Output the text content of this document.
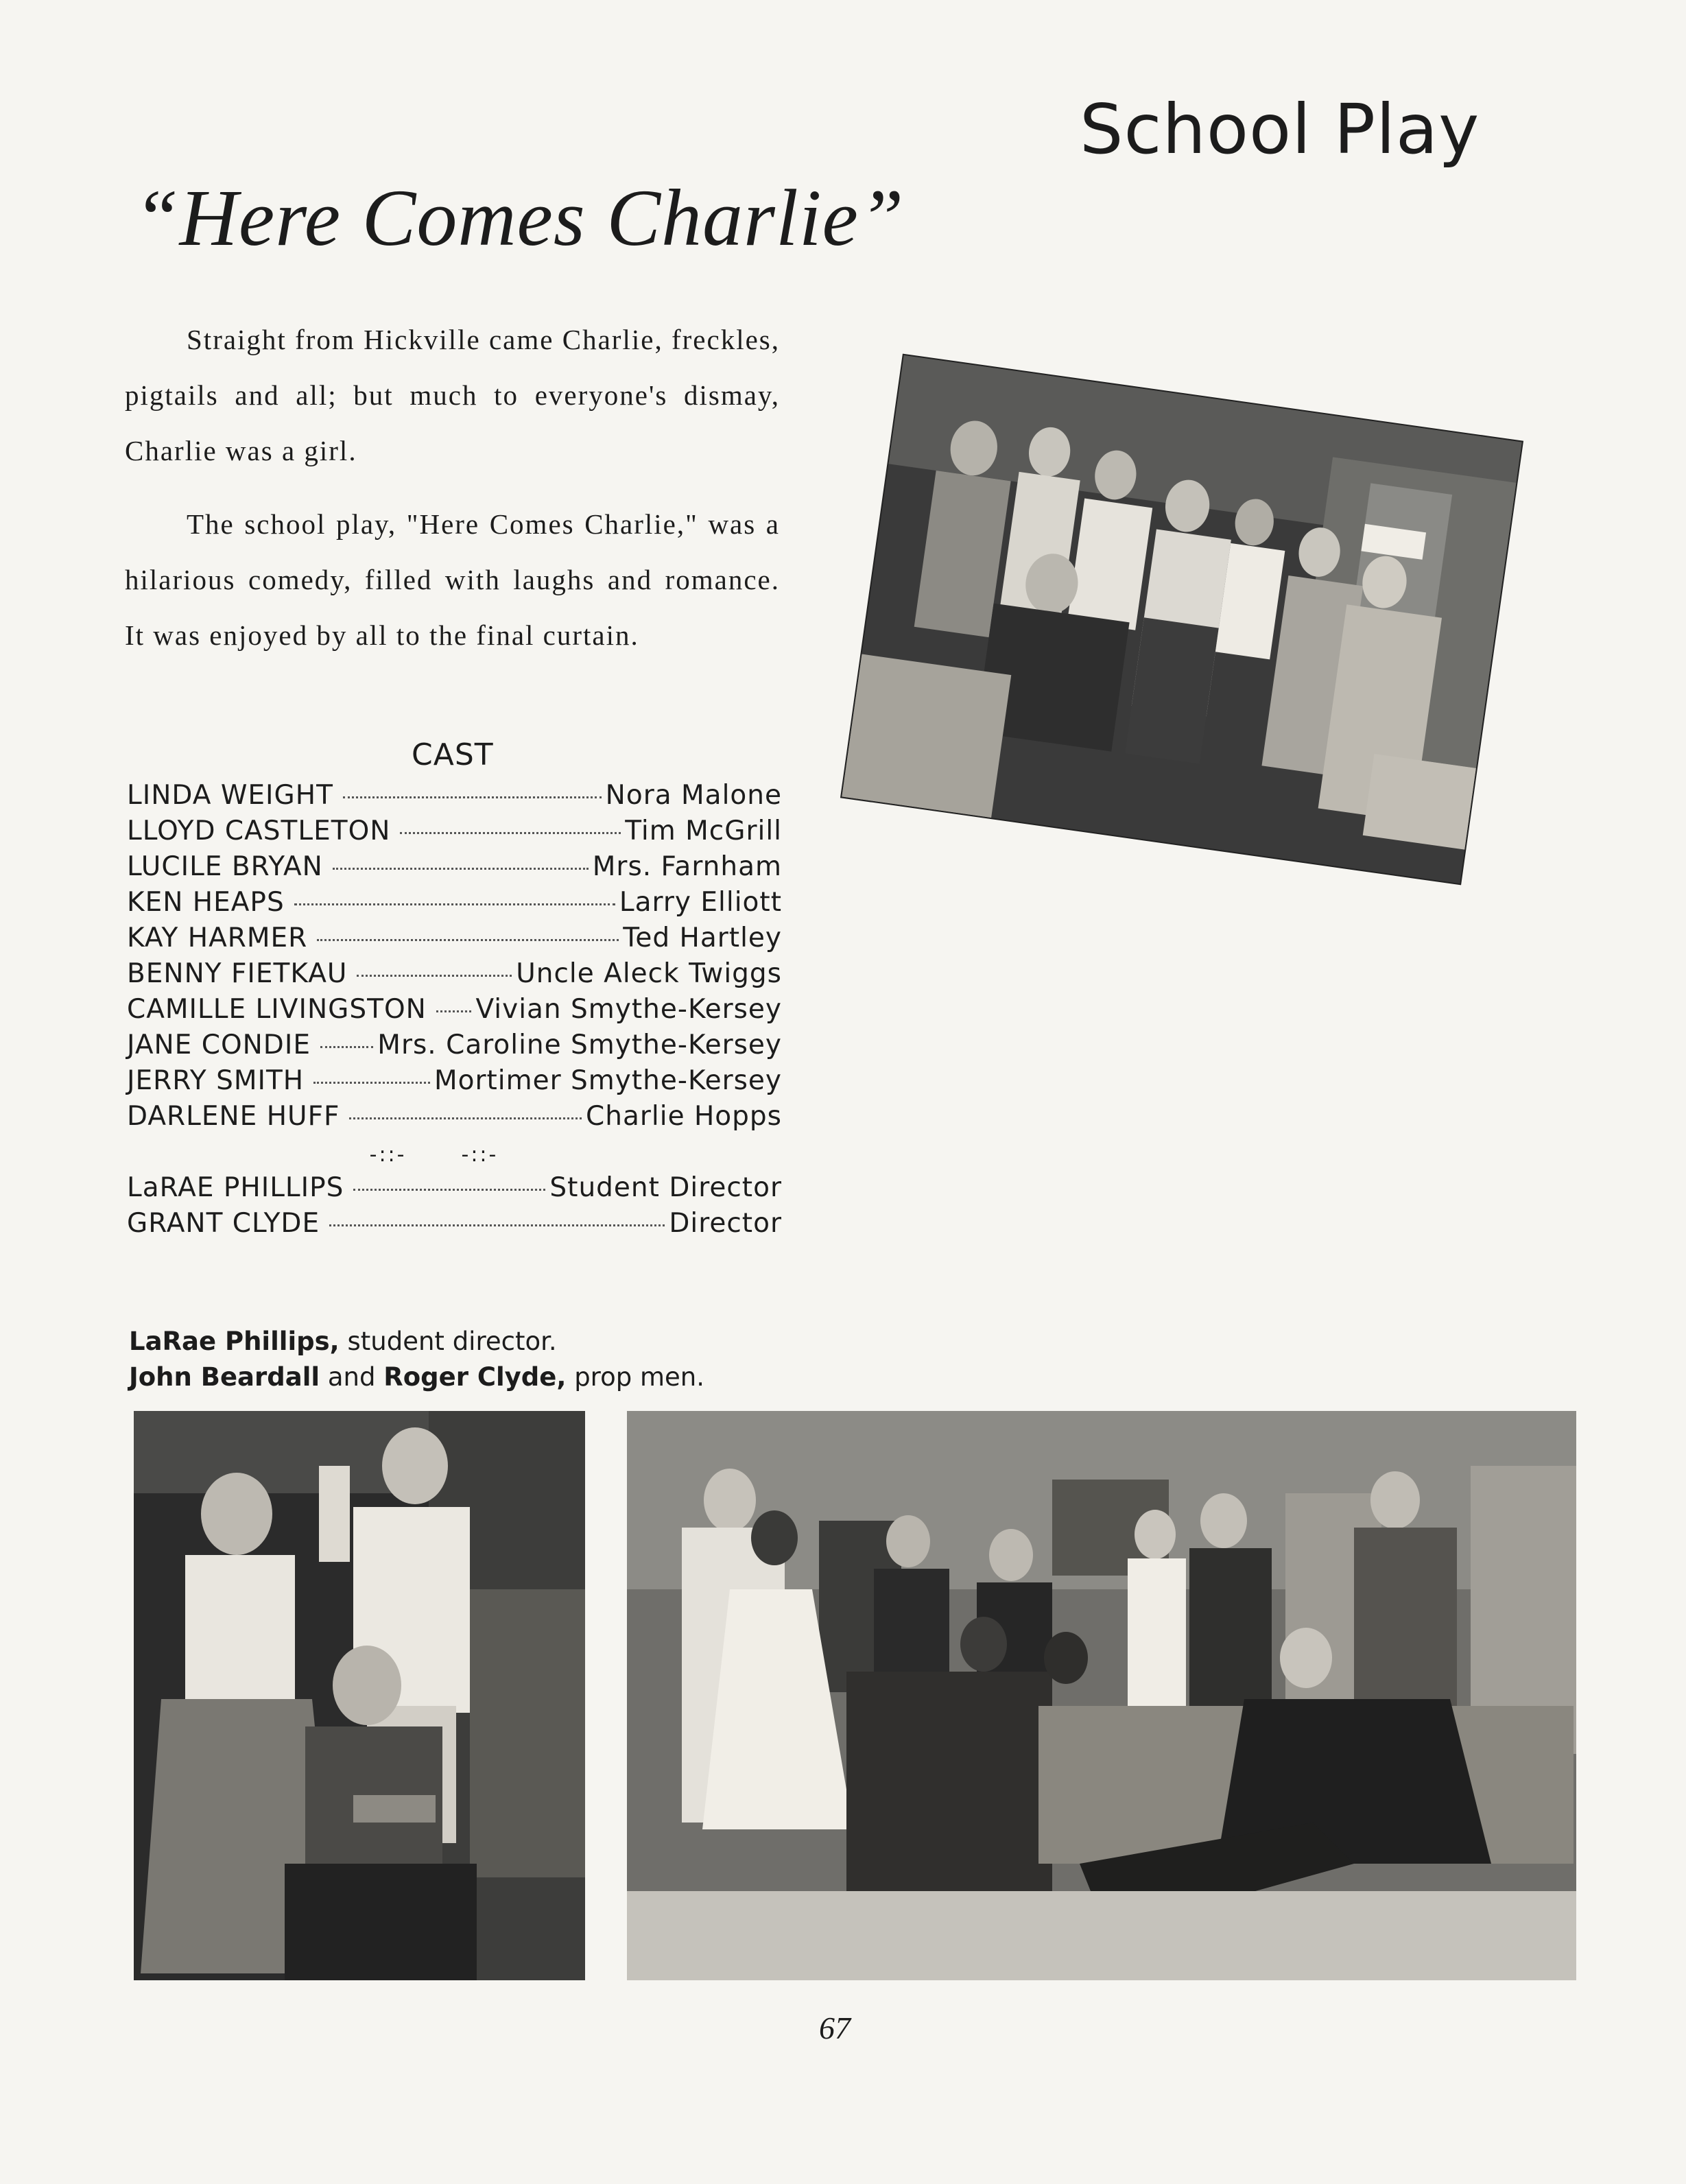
School Play
“Here Comes Charlie”

Straight from Hickville came Charlie, freckles, pigtails and all; but much to everyone's dismay, Charlie was a girl.

The school play, "Here Comes Charlie," was a hilarious comedy, filled with laughs and romance. It was enjoyed by all to the final curtain.

CAST
LINDA WEIGHT	Nora Malone
LLOYD CASTLETON	Tim McGrill
LUCILE BRYAN	Mrs. Farnham
KEN HEAPS	Larry Elliott
KAY HARMER	Ted Hartley
BENNY FIETKAU	Uncle Aleck Twiggs
CAMILLE LIVINGSTON Vivian Smythe-Kersey
JANE CONDIE Mrs. Caroline Smythe-Kersey
JERRY SMITH	Mortimer Smythe-Kersey
DARLENE HUFF	Charlie Hopps
-::-	-::-
LaRAE PHILLIPS	Student Director
GRANT CLYDE	Director
LaRae Phillips, student director.
John Beardall and Roger Clyde, prop men.
67
